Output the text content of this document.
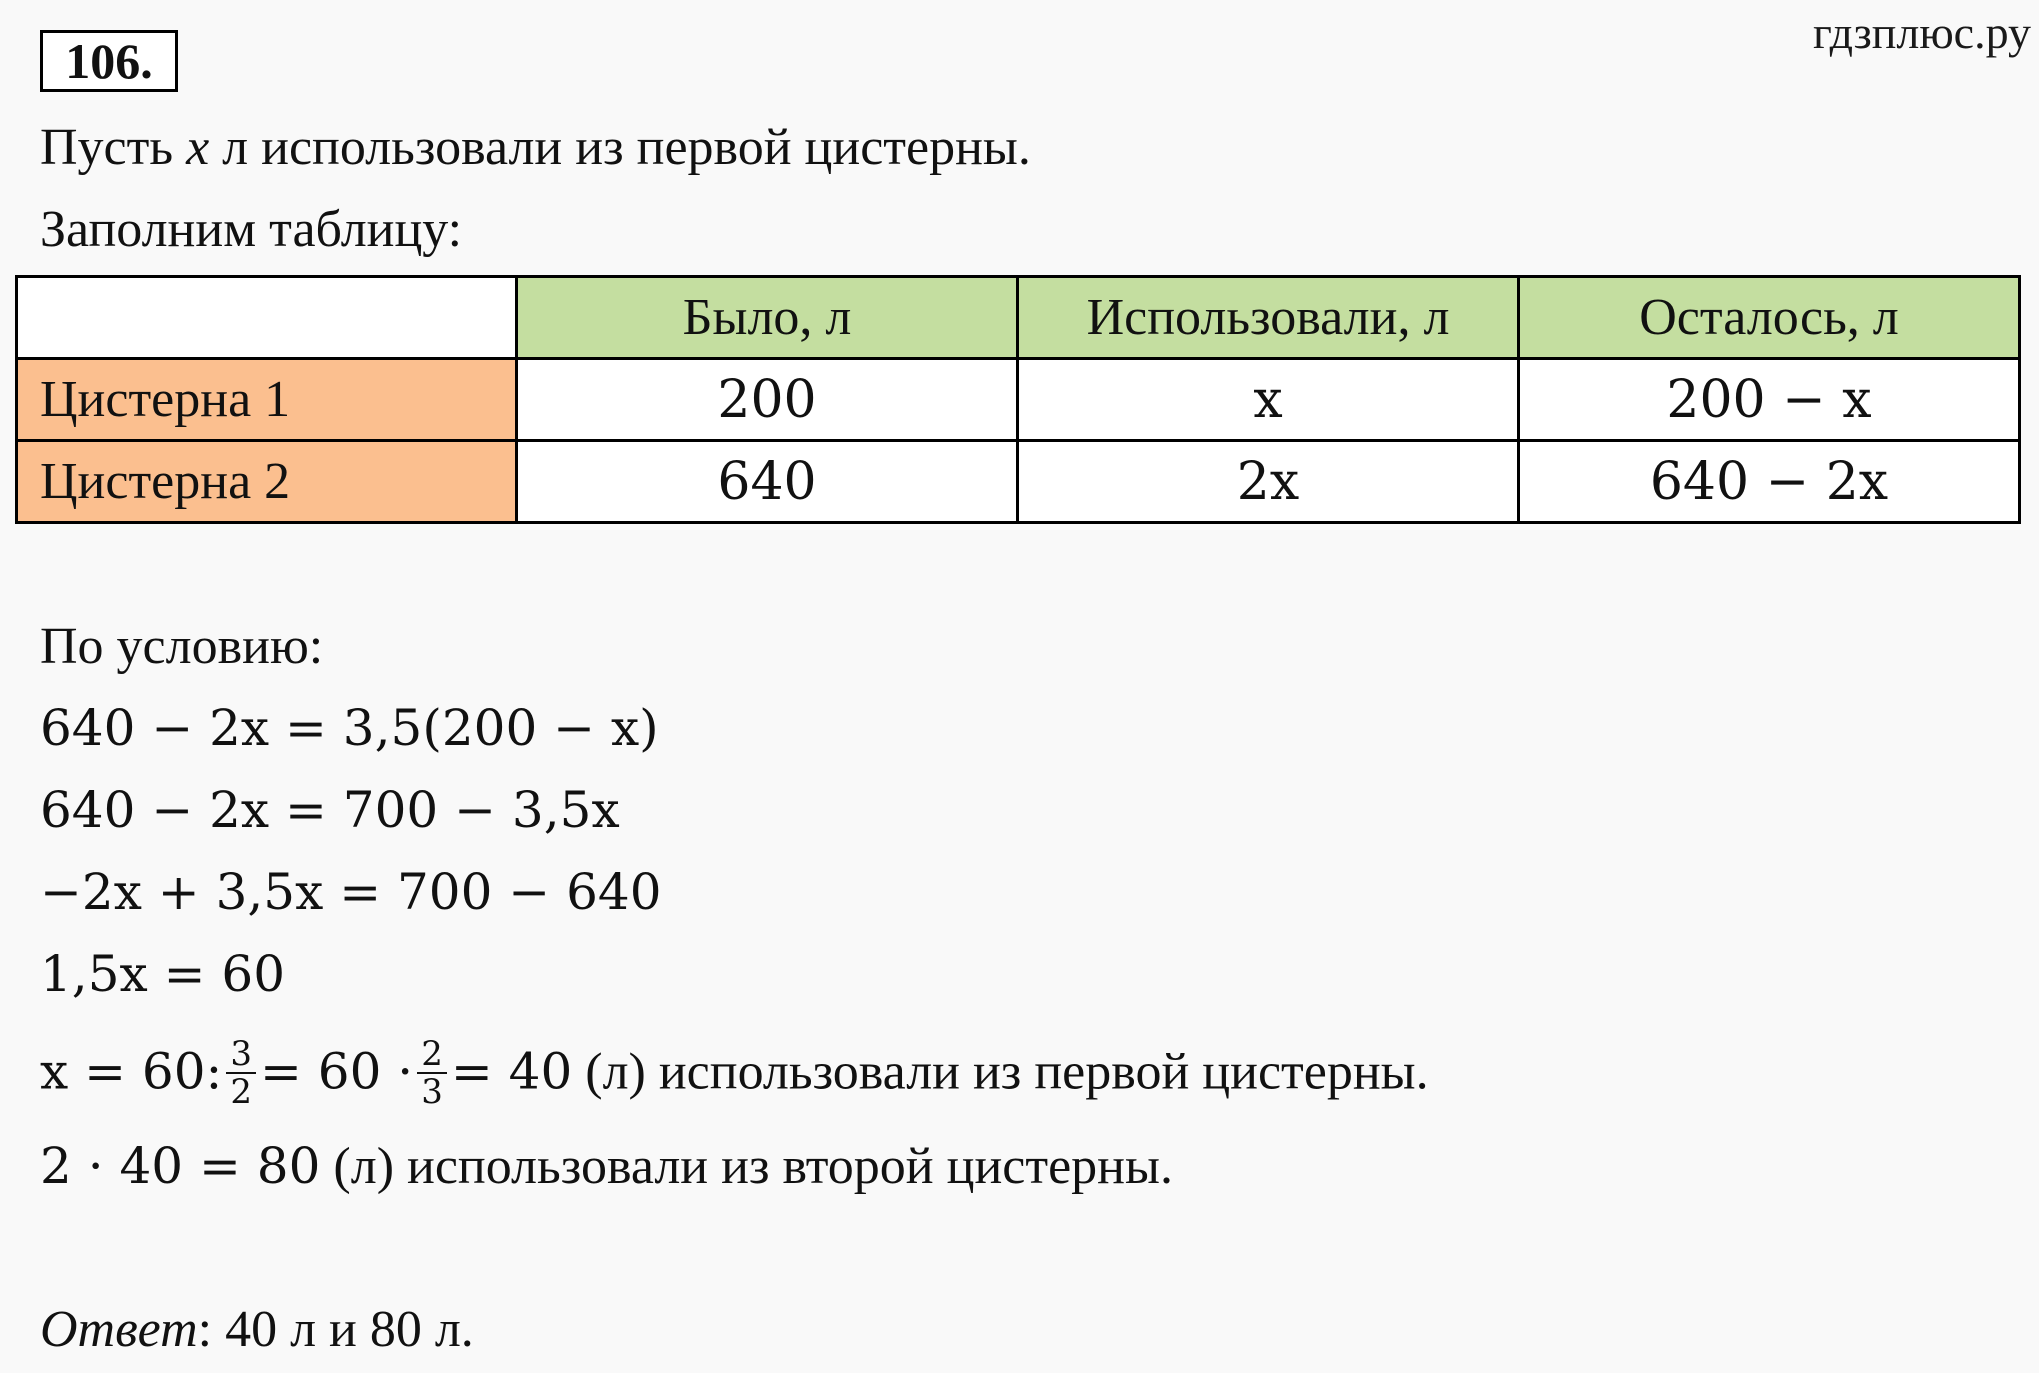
106.
гдзплюс.ру
Пусть x л использовали из первой цистерны.
Заполним таблицу:
	Было, л	Использовали, л	Осталось, л
Цистерна 1	200	x	200 − x
Цистерна 2	640	2x	640 − 2x
По условию:
640 − 2x = 3,5(200 − x)
640 − 2x = 700 − 3,5x
−2x + 3,5x = 700 − 640
1,5x = 60
x = 60: $\frac{3}{2} = 60 \cdot \frac{2}{3} = 40$ (л) использовали из первой цистерны.
2 · 40 = 80 (л) использовали из второй цистерны.
Ответ: 40 л и 80 л.
